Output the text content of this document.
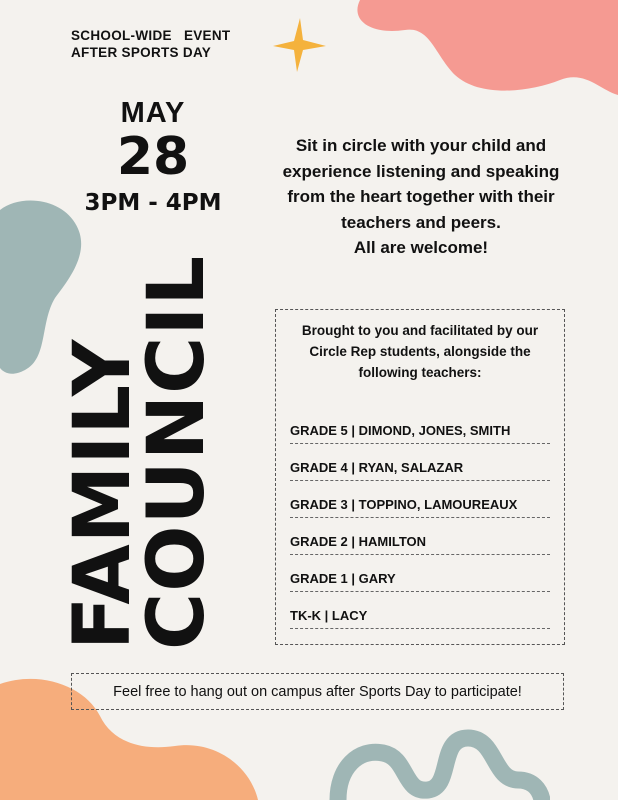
SCHOOL-WIDE   EVENT
AFTER SPORTS DAY
MAY
28
3PM - 4PM
FAMILY
COUNCIL
Sit in circle with your child and
experience listening and speaking
from the heart together with their
teachers and peers.
All are welcome!
Brought to you and facilitated by our
Circle Rep students, alongside the
following teachers:
GRADE 5 | DIMOND, JONES, SMITH
GRADE 4 | RYAN, SALAZAR
GRADE 3 | TOPPINO, LAMOUREAUX
GRADE 2 | HAMILTON
GRADE 1 | GARY
TK-K | LACY
Feel free to hang out on campus after Sports Day to participate!
